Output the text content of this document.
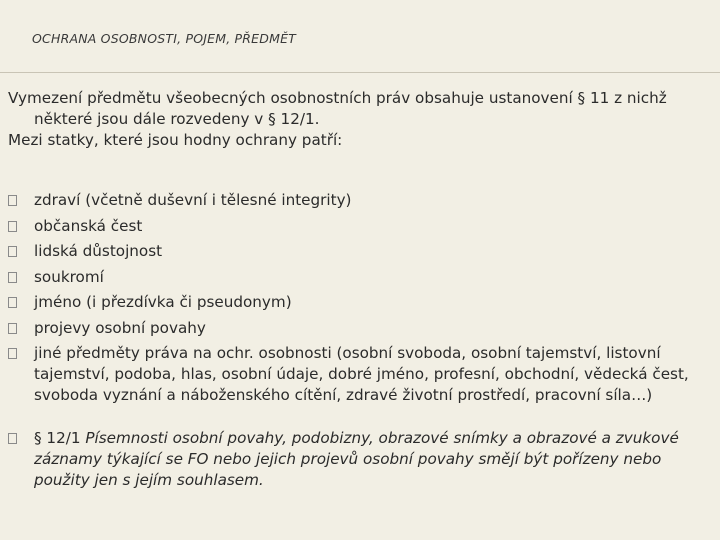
OCHRANA OSOBNOSTI, POJEM, PŘEDMĚT

Vymezení předmětu všeobecných osobnostních práv obsahuje ustanovení § 11 z nichž některé jsou dále rozvedeny v § 12/1.

Mezi statky, které jsou hodny ochrany patří:

zdraví (včetně duševní i tělesné integrity)
občanská čest
lidská důstojnost
soukromí
jméno (i přezdívka či pseudonym)
projevy osobní povahy
jiné předměty práva na ochr. osobnosti (osobní svoboda, osobní tajemství, listovní tajemství, podoba, hlas, osobní údaje, dobré jméno, profesní, obchodní, vědecká čest, svoboda vyznání a náboženského cítění, zdravé životní prostředí, pracovní síla…)
§ 12/1 Písemnosti osobní povahy, podobizny, obrazové snímky a obrazové a zvukové záznamy týkající se FO nebo jejich projevů osobní povahy smějí být pořízeny nebo použity jen s jejím souhlasem.
